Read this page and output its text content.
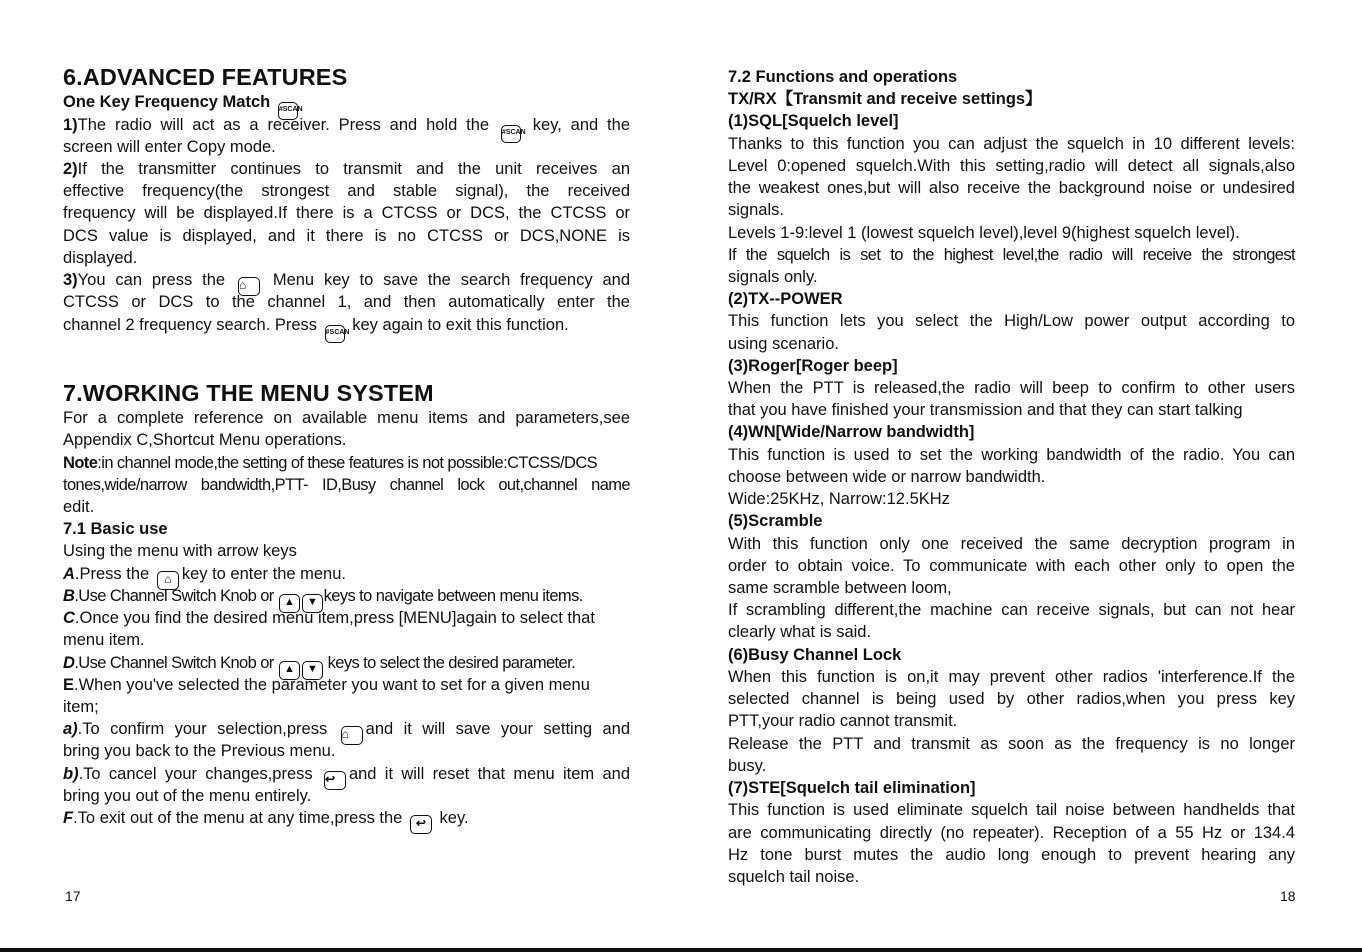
6.ADVANCED FEATURES
One Key Frequency Match #SCAN
1)The radio will act as a receiver. Press and hold the #SCAN key, and the
screen will enter Copy mode.
2)If the transmitter continues to transmit and the unit receives an
effective frequency(the strongest and stable signal), the received
frequency will be displayed.If there is a CTCSS or DCS, the CTCSS or
DCS value is displayed, and it there is no CTCSS or DCS,NONE is
displayed.
3)You can press the ⌂ Menu key to save the search frequency and
CTCSS or DCS to the channel 1, and then automatically enter the
channel 2 frequency search. Press #SCAN key again to exit this function.
7.WORKING THE MENU SYSTEM
For a complete reference on available menu items and parameters,see
Appendix C,Shortcut Menu operations.
Note:in channel mode,the setting of these features is not possible:CTCSS/DCS
tones,wide/narrow bandwidth,PTT- ID,Busy channel lock out,channel name
edit.
7.1 Basic use
Using the menu with arrow keys
A.Press the ⌂ key to enter the menu.
B.Use Channel Switch Knob or ▲ ▼ keys to navigate between menu items.
C.Once you find the desired menu item,press [MENU]again to select that
menu item.
D.Use Channel Switch Knob or ▲ ▼ keys to select the desired parameter.
E.When you've selected the parameter you want to set for a given menu
item;
a).To confirm your selection,press ⌂ and it will save your setting and
bring you back to the Previous menu.
b).To cancel your changes,press ↩ and it will reset that menu item and
bring you out of the menu entirely.
F.To exit out of the menu at any time,press the ↩ key.
17
7.2 Functions and operations
TX/RX【Transmit and receive settings】
(1)SQL[Squelch level]
Thanks to this function you can adjust the squelch in 10 different levels:
Level 0:opened squelch.With this setting,radio will detect all signals,also
the weakest ones,but will also receive the background noise or undesired
signals.
Levels 1-9:level 1 (lowest squelch level),level 9(highest squelch level).
If the squelch is set to the highest level,the radio will receive the strongest
signals only.
(2)TX--POWER
This function lets you select the High/Low power output according to
using scenario.
(3)Roger[Roger beep]
When the PTT is released,the radio will beep to confirm to other users
that you have finished your transmission and that they can start talking
(4)WN[Wide/Narrow bandwidth]
This function is used to set the working bandwidth of the radio. You can
choose between wide or narrow bandwidth.
Wide:25KHz, Narrow:12.5KHz
(5)Scramble
With this function only one received the same decryption program in
order to obtain voice. To communicate with each other only to open the
same scramble between loom,
If scrambling different,the machine can receive signals, but can not hear
clearly what is said.
(6)Busy Channel Lock
When this function is on,it may prevent other radios 'interference.If the
selected channel is being used by other radios,when you press key
PTT,your radio cannot transmit.
Release the PTT and transmit as soon as the frequency is no longer
busy.
(7)STE[Squelch tail elimination]
This function is used eliminate squelch tail noise between handhelds that
are communicating directly (no repeater). Reception of a 55 Hz or 134.4
Hz tone burst mutes the audio long enough to prevent hearing any
squelch tail noise.
18
